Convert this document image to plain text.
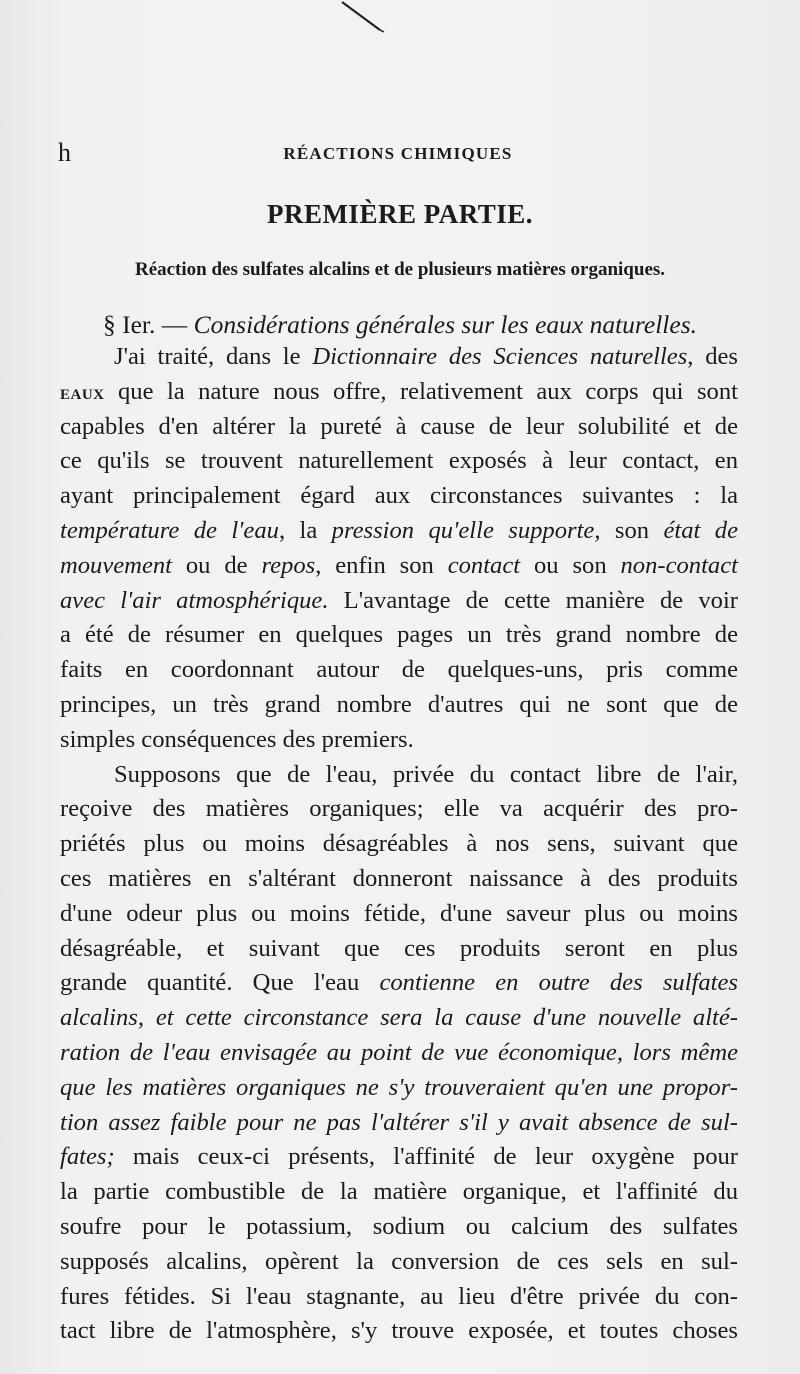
h	RÉACTIONS CHIMIQUES
PREMIÈRE PARTIE.
Réaction des sulfates alcalins et de plusieurs matières organiques.
§ Ier. — Considérations générales sur les eaux naturelles.
J'ai traité, dans le Dictionnaire des Sciences naturelles, des
eaux que la nature nous offre, relativement aux corps qui sont
capables d'en altérer la pureté à cause de leur solubilité et de
ce qu'ils se trouvent naturellement exposés à leur contact, en
ayant principalement égard aux circonstances suivantes : la
température de l'eau, la pression qu'elle supporte, son état de
mouvement ou de repos, enfin son contact ou son non-contact
avec l'air atmosphérique. L'avantage de cette manière de voir
a été de résumer en quelques pages un très grand nombre de
faits en coordonnant autour de quelques-uns, pris comme
principes, un très grand nombre d'autres qui ne sont que de
simples conséquences des premiers.
Supposons que de l'eau, privée du contact libre de l'air,
reçoive des matières organiques; elle va acquérir des pro-
priétés plus ou moins désagréables à nos sens, suivant que
ces matières en s'altérant donneront naissance à des produits
d'une odeur plus ou moins fétide, d'une saveur plus ou moins
désagréable, et suivant que ces produits seront en plus
grande quantité. Que l'eau contienne en outre des sulfates
alcalins, et cette circonstance sera la cause d'une nouvelle alté-
ration de l'eau envisagée au point de vue économique, lors même
que les matières organiques ne s'y trouveraient qu'en une propor-
tion assez faible pour ne pas l'altérer s'il y avait absence de sul-
fates; mais ceux-ci présents, l'affinité de leur oxygène pour
la partie combustible de la matière organique, et l'affinité du
soufre pour le potassium, sodium ou calcium des sulfates
supposés alcalins, opèrent la conversion de ces sels en sul-
fures fétides. Si l'eau stagnante, au lieu d'être privée du con-
tact libre de l'atmosphère, s'y trouve exposée, et toutes choses
